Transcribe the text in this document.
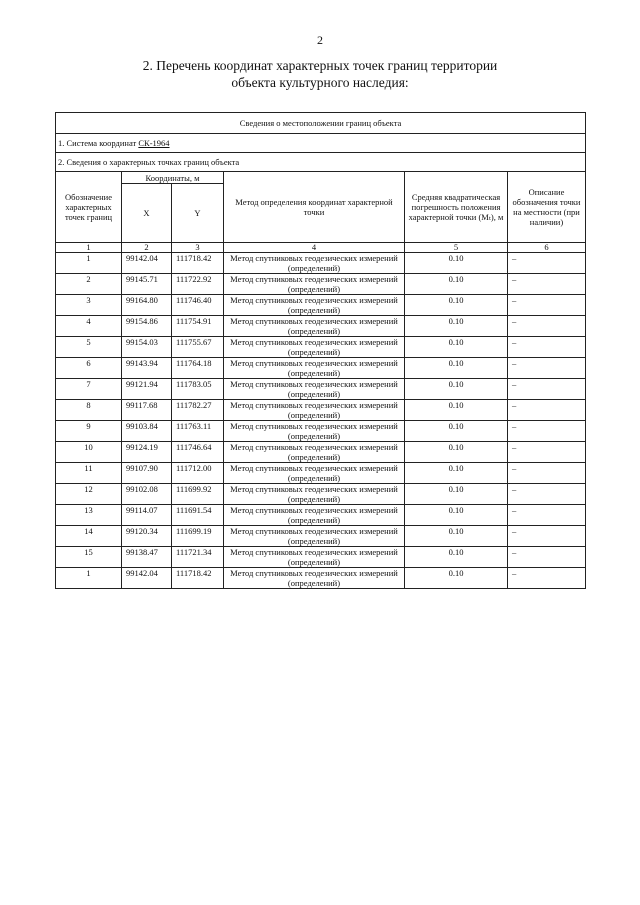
2
2. Перечень координат характерных точек границ территории
объекта культурного наследия:
Сведения о местоположении границ объекта					
1. Система координат СК-1964					
2. Сведения о характерных точках границ объекта					
Обозначение характерных точек границ	Координаты, м		Метод определения координат характерной точки	Средняя квадратическая погрешность положения характерной точки (Mₜ), м	Описание обозначения точки на местности (при наличии)
	X	Y			
1	2	3	4	5	6
1	99142.04	111718.42	Метод спутниковых геодезических измерений (определений)	0.10	–
2	99145.71	111722.92	Метод спутниковых геодезических измерений (определений)	0.10	–
3	99164.80	111746.40	Метод спутниковых геодезических измерений (определений)	0.10	–
4	99154.86	111754.91	Метод спутниковых геодезических измерений (определений)	0.10	–
5	99154.03	111755.67	Метод спутниковых геодезических измерений (определений)	0.10	–
6	99143.94	111764.18	Метод спутниковых геодезических измерений (определений)	0.10	–
7	99121.94	111783.05	Метод спутниковых геодезических измерений (определений)	0.10	–
8	99117.68	111782.27	Метод спутниковых геодезических измерений (определений)	0.10	–
9	99103.84	111763.11	Метод спутниковых геодезических измерений (определений)	0.10	–
10	99124.19	111746.64	Метод спутниковых геодезических измерений (определений)	0.10	–
11	99107.90	111712.00	Метод спутниковых геодезических измерений (определений)	0.10	–
12	99102.08	111699.92	Метод спутниковых геодезических измерений (определений)	0.10	–
13	99114.07	111691.54	Метод спутниковых геодезических измерений (определений)	0.10	–
14	99120.34	111699.19	Метод спутниковых геодезических измерений (определений)	0.10	–
15	99138.47	111721.34	Метод спутниковых геодезических измерений (определений)	0.10	–
1	99142.04	111718.42	Метод спутниковых геодезических измерений (определений)	0.10	–
